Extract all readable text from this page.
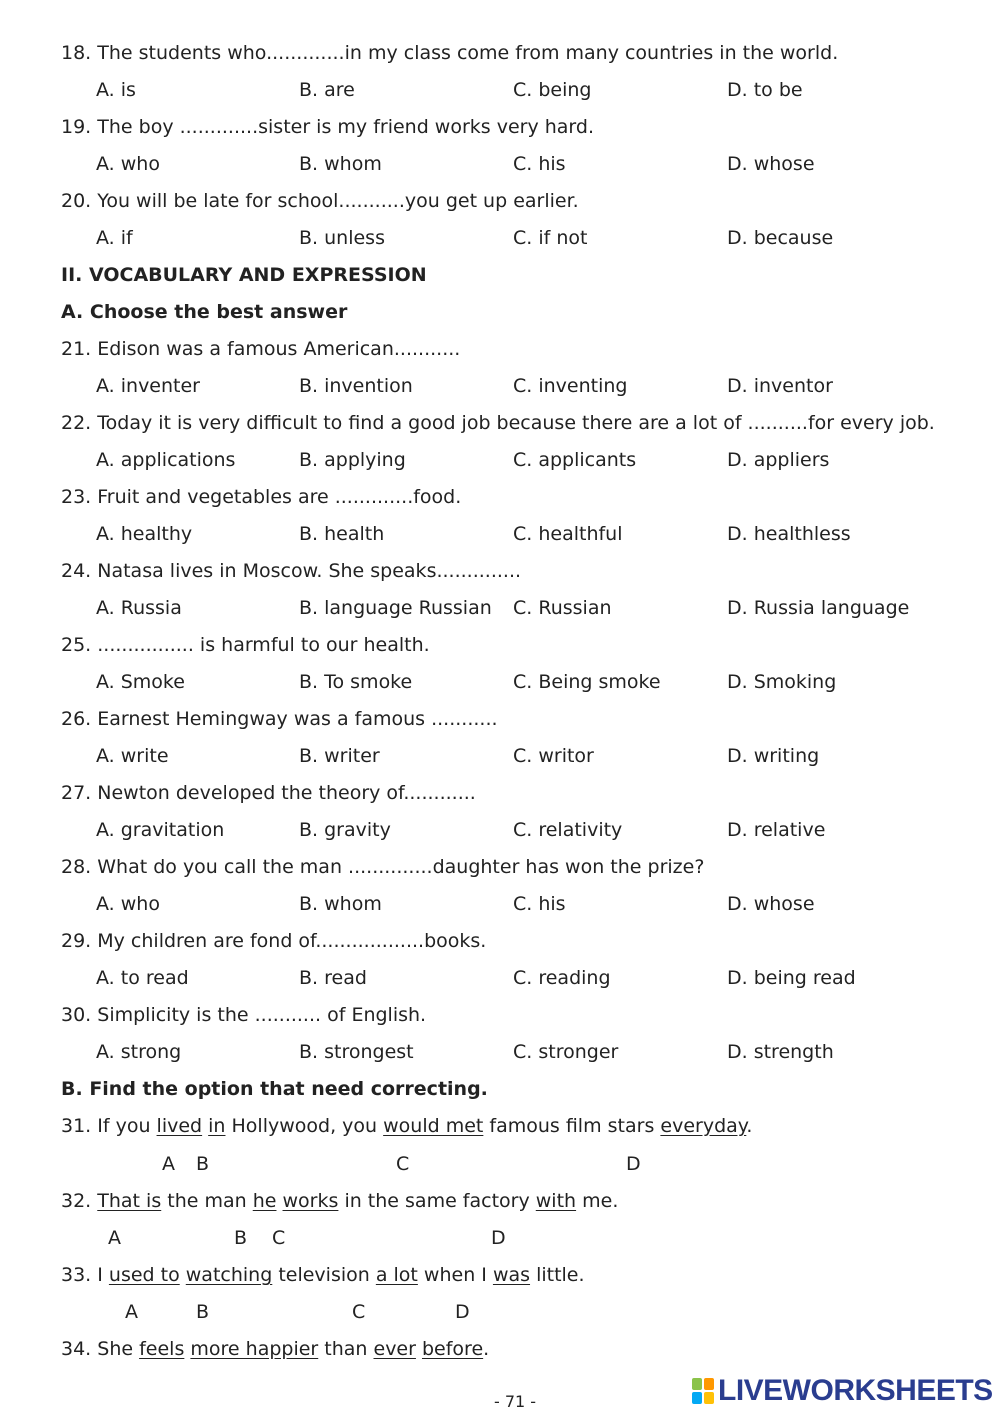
18. The students who.............in my class come from many countries in the world.
A. is	B. are	C. being	D. to be
19. The boy .............sister is my friend works very hard.
A. who	B. whom	C. his	D. whose
20. You will be late for school...........you get up earlier.
A. if	B. unless	C. if not	D. because
II. VOCABULARY AND EXPRESSION
A. Choose the best answer
21. Edison was a famous American...........
A. inventer	B. invention	C. inventing	D. inventor
22. Today it is very difficult to find a good job because there are a lot of ..........for every job.
A. applications	B. applying	C. applicants	D. appliers
23. Fruit and vegetables are .............food.
A. healthy	B. health	C. healthful	D. healthless
24. Natasa lives in Moscow. She speaks..............
A. Russia	B. language Russian C. Russian	D. Russia language
25. ................ is harmful to our health.
A. Smoke	B. To smoke	C. Being smoke	D. Smoking
26. Earnest Hemingway was a famous ...........
A. write	B. writer	C. writor	D. writing
27. Newton developed the theory of............
A. gravitation	B. gravity	C. relativity	D. relative
28. What do you call the man ..............daughter has won the prize?
A. who	B. whom	C. his	D. whose
29. My children are fond of..................books.
A. to read	B. read	C. reading	D. being read
30. Simplicity is the ........... of English.
A. strong	B. strongest	C. stronger	D. strength
B. Find the option that need correcting.
31. If you lived in Hollywood, you would met famous film stars everyday.
A B	C	D
32. That is the man he works in the same factory with me.
A	B C	D
33. I used to watching television a lot when I was little.
A	B	C	D
34. She feels more happier than ever before.
- 71 -	LIVEWORKSHEETS
